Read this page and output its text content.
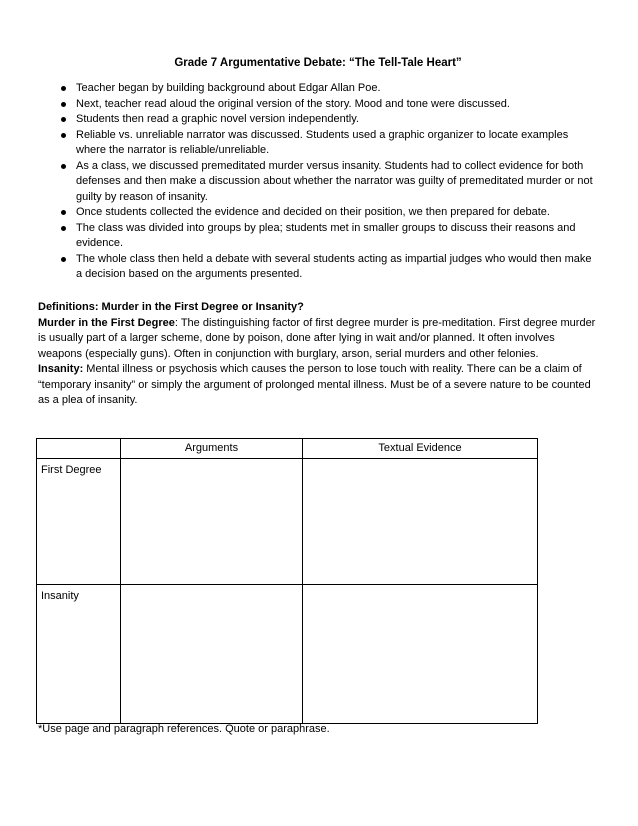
Grade 7 Argumentative Debate: “The Tell-Tale Heart”
Teacher began by building background about Edgar Allan Poe.
Next, teacher read aloud the original version of the story. Mood and tone were discussed.
Students then read a graphic novel version independently.
Reliable vs. unreliable narrator was discussed. Students used a graphic organizer to locate examples where the narrator is reliable/unreliable.
As a class, we discussed premeditated murder versus insanity. Students had to collect evidence for both defenses and then make a discussion about whether the narrator was guilty of premeditated murder or not guilty by reason of insanity.
Once students collected the evidence and decided on their position, we then prepared for debate.
The class was divided into groups by plea; students met in smaller groups to discuss their reasons and evidence.
The whole class then held a debate with several students acting as impartial judges who would then make a decision based on the arguments presented.

Definitions: Murder in the First Degree or Insanity?

Murder in the First Degree: The distinguishing factor of first degree murder is pre-meditation. First degree murder is usually part of a larger scheme, done by poison, done after lying in wait and/or planned. It often involves weapons (especially guns). Often in conjunction with burglary, arson, serial murders and other felonies.

Insanity: Mental illness or psychosis which causes the person to lose touch with reality. There can be a claim of “temporary insanity” or simply the argument of prolonged mental illness. Must be of a severe nature to be counted as a plea of insanity.

	Arguments	Textual Evidence
First Degree		
Insanity		
*Use page and paragraph references. Quote or paraphrase.
